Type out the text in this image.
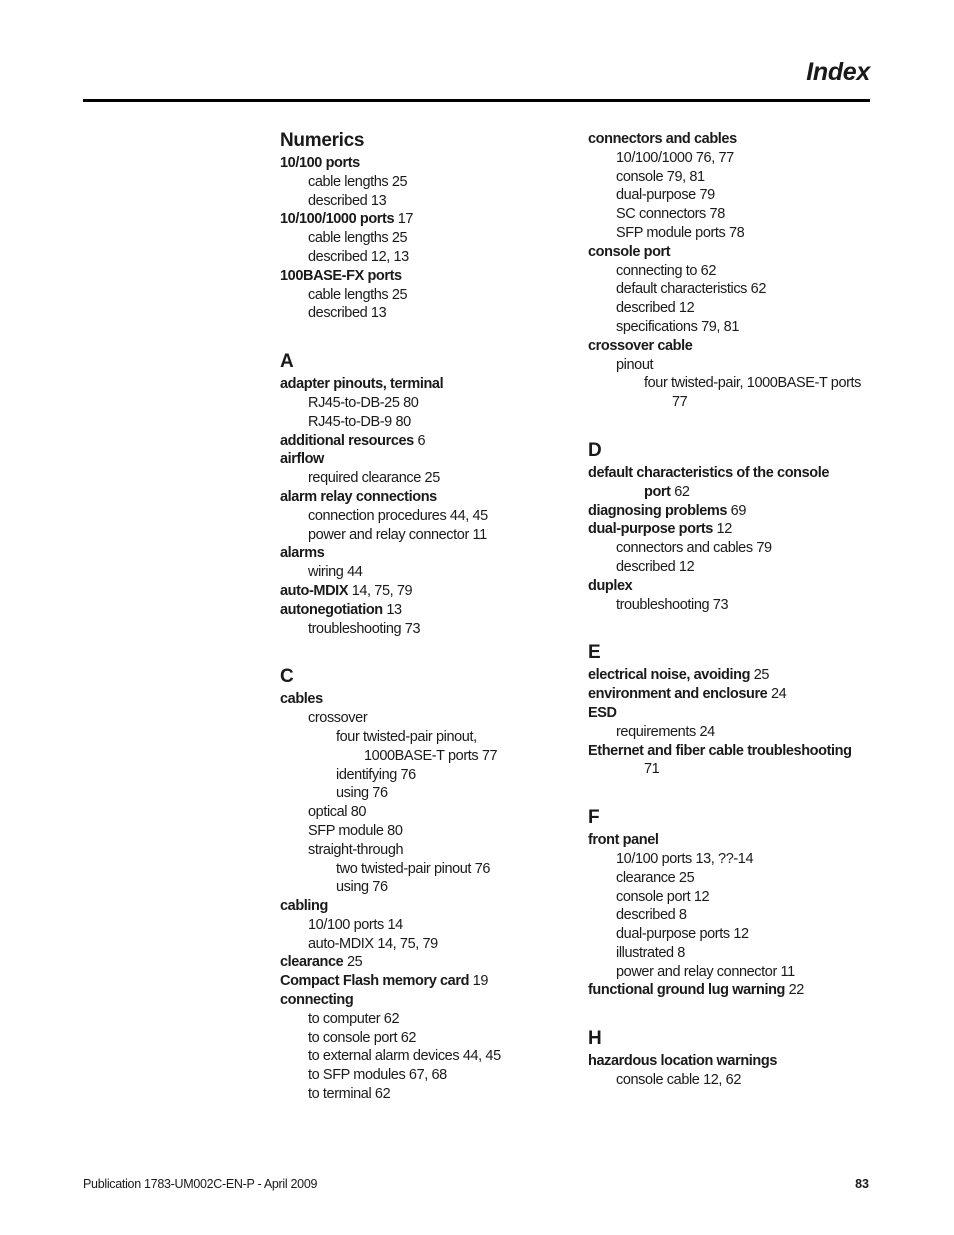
Index
Numerics
10/100 ports
cable lengths 25
described 13
10/100/1000 ports 17
cable lengths 25
described 12, 13
100BASE-FX ports
cable lengths 25
described 13
A
adapter pinouts, terminal
RJ45-to-DB-25 80
RJ45-to-DB-9 80
additional resources 6
airflow
required clearance 25
alarm relay connections
connection procedures 44, 45
power and relay connector 11
alarms
wiring 44
auto-MDIX 14, 75, 79
autonegotiation 13
troubleshooting 73
C
cables
crossover
four twisted-pair pinout,
1000BASE-T ports 77
identifying 76
using 76
optical 80
SFP module 80
straight-through
two twisted-pair pinout 76
using 76
cabling
10/100 ports 14
auto-MDIX 14, 75, 79
clearance 25
Compact Flash memory card 19
connecting
to computer 62
to console port 62
to external alarm devices 44, 45
to SFP modules 67, 68
to terminal 62
connectors and cables
10/100/1000 76, 77
console 79, 81
dual-purpose 79
SC connectors 78
SFP module ports 78
console port
connecting to 62
default characteristics 62
described 12
specifications 79, 81
crossover cable
pinout
four twisted-pair, 1000BASE-T ports
77
D
default characteristics of the console
port 62
diagnosing problems 69
dual-purpose ports 12
connectors and cables 79
described 12
duplex
troubleshooting 73
E
electrical noise, avoiding 25
environment and enclosure 24
ESD
requirements 24
Ethernet and fiber cable troubleshooting
71
F
front panel
10/100 ports 13, ??-14
clearance 25
console port 12
described 8
dual-purpose ports 12
illustrated 8
power and relay connector 11
functional ground lug warning 22
H
hazardous location warnings
console cable 12, 62
Publication 1783-UM002C-EN-P - April 2009	83
